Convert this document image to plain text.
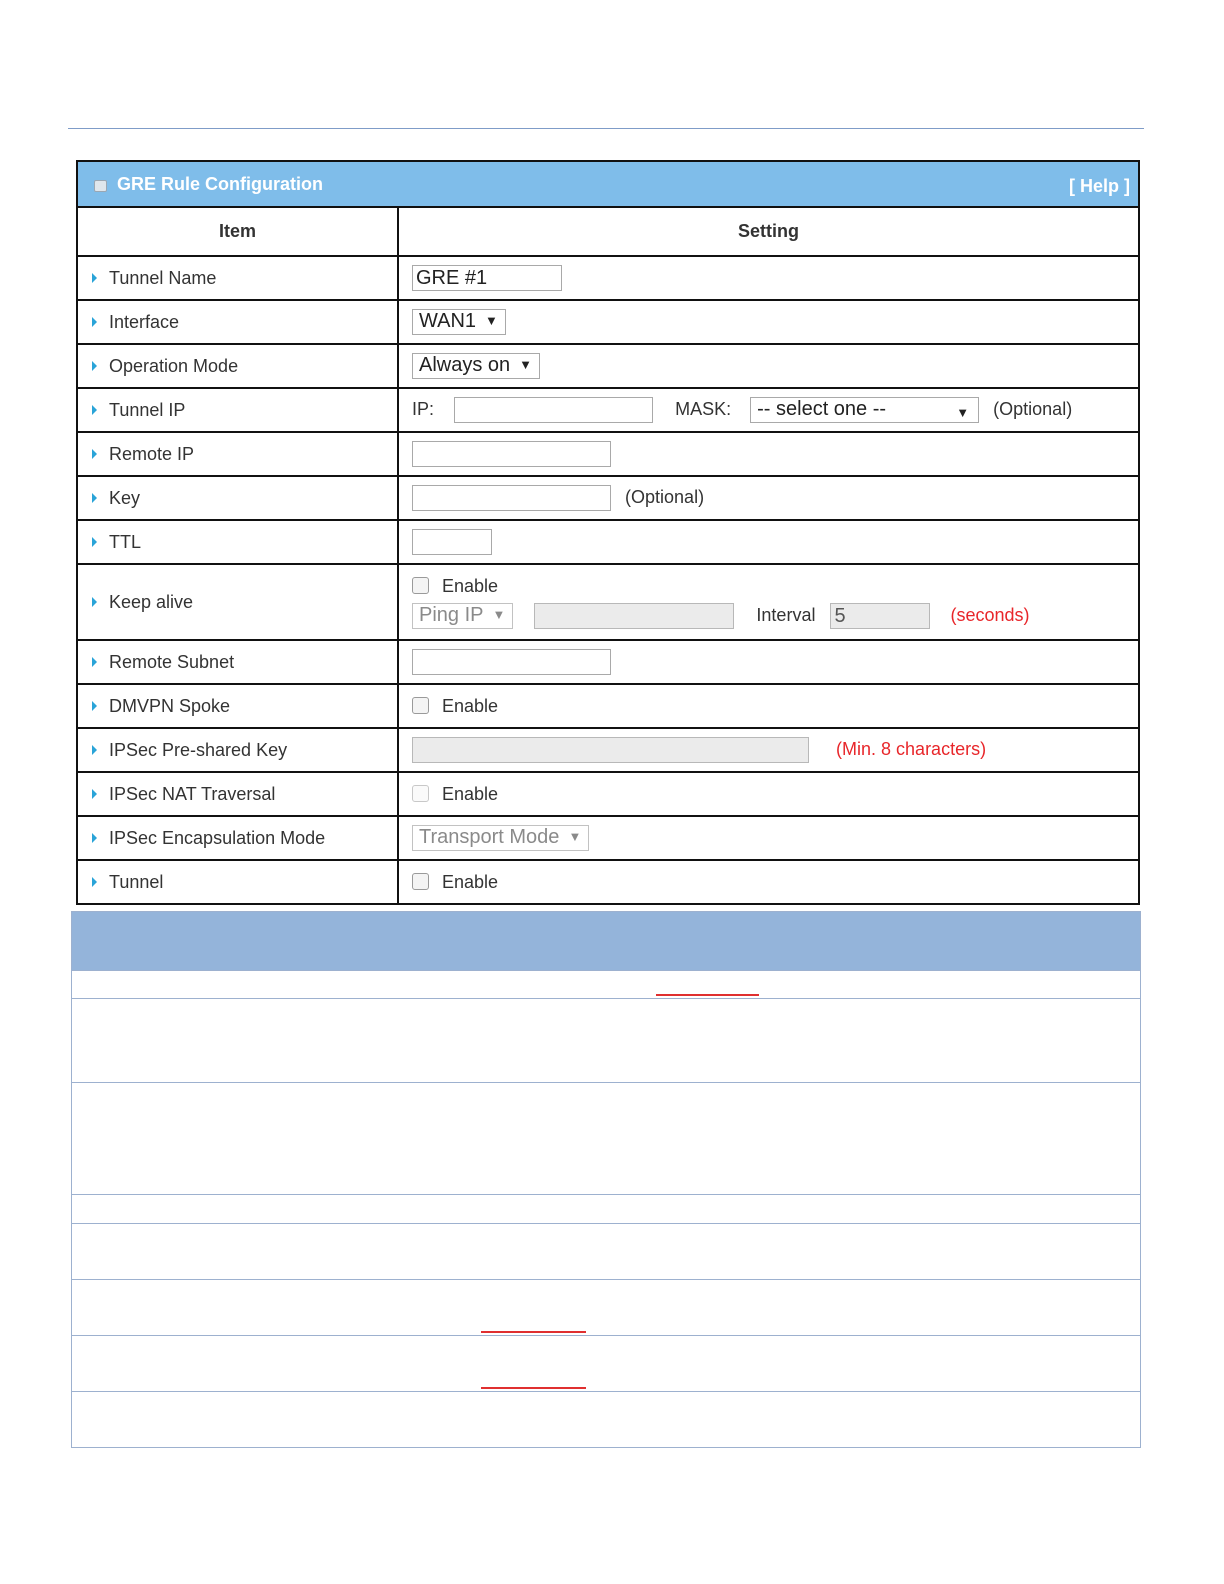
GRE Rule Configuration	[ Help ]
Item	Setting
Tunnel Name	GRE #1
Interface	WAN1 ▼
Operation Mode	Always on ▼
Tunnel IP	IP: MASK: -- select one -- ▼ (Optional)
Remote IP	
Key	(Optional)
TTL	
Keep alive	Enable
Ping IP ▼ Interval 5 (seconds)

Remote Subnet	
DMVPN Spoke	Enable
IPSec Pre-shared Key	(Min. 8 characters)
IPSec NAT Traversal	Enable
IPSec Encapsulation Mode	Transport Mode ▼
Tunnel	Enable
